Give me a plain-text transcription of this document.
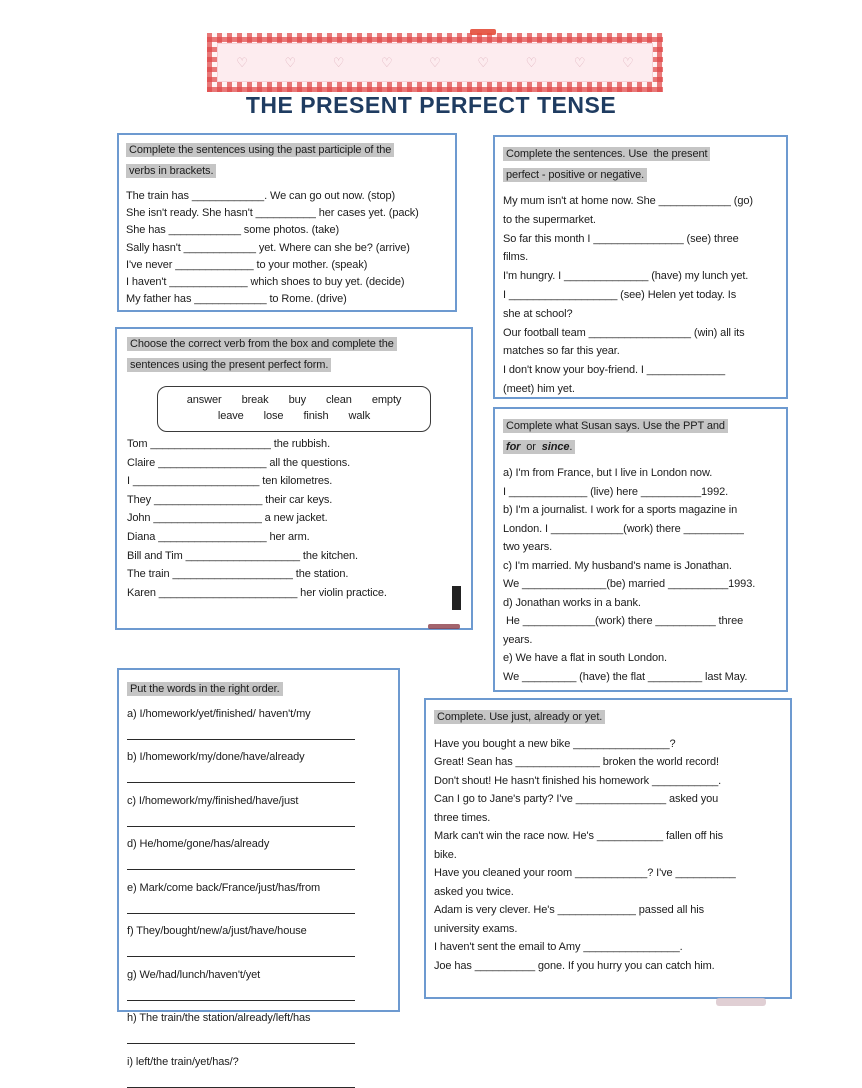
♡	♡	♡	♡	♡	♡	♡	♡	♡
THE PRESENT PERFECT TENSE
Complete the sentences using the past participle of the
verbs in brackets.
The train has ____________. We can go out now. (stop)
She isn't ready. She hasn't __________ her cases yet. (pack)
She has ____________ some photos. (take)
Sally hasn't ____________ yet. Where can she be? (arrive)
I've never _____________ to your mother. (speak)
I haven't _____________ which shoes to buy yet. (decide)
My father has ____________ to Rome. (drive)
Choose the correct verb from the box and complete the
sentences using the present perfect form.
answer break buy clean empty
leave lose finish walk
Tom ____________________ the rubbish.
Claire __________________ all the questions.
I _____________________ ten kilometres.
They __________________ their car keys.
John __________________ a new jacket.
Diana __________________ her arm.
Bill and Tim ___________________ the kitchen.
The train ____________________ the station.
Karen _______________________ her violin practice.
Put the words in the right order.
a) I/homework/yet/finished/ haven't/my
b) I/homework/my/done/have/already
c) I/homework/my/finished/have/just
d) He/home/gone/has/already
e) Mark/come back/France/just/has/from
f) They/bought/new/a/just/have/house
g) We/had/lunch/haven't/yet
h) The train/the station/already/left/has
i) left/the train/yet/has/?
Complete the sentences. Use  the present
perfect - positive or negative.
My mum isn't at home now. She ____________ (go)
to the supermarket.
So far this month I _______________ (see) three
films.
I'm hungry. I ______________ (have) my lunch yet.
I __________________ (see) Helen yet today. Is
she at school?
Our football team _________________ (win) all its
matches so far this year.
I don't know your boy-friend. I _____________
(meet) him yet.
Complete what Susan says. Use the PPT and
for  or  since.
a) I'm from France, but I live in London now.
I _____________ (live) here __________1992.
b) I'm a journalist. I work for a sports magazine in
London. I ____________(work) there __________
two years.
c) I'm married. My husband's name is Jonathan.
We ______________(be) married __________1993.
d) Jonathan works in a bank.
He ____________(work) there __________ three
years.
e) We have a flat in south London.
We _________ (have) the flat _________ last May.
Complete. Use just, already or yet.
Have you bought a new bike ________________?
Great! Sean has ______________ broken the world record!
Don't shout! He hasn't finished his homework ___________.
Can I go to Jane's party? I've _______________ asked you
three times.
Mark can't win the race now. He's ___________ fallen off his
bike.
Have you cleaned your room ____________? I've __________
asked you twice.
Adam is very clever. He's _____________ passed all his
university exams.
I haven't sent the email to Amy ________________.
Joe has __________ gone. If you hurry you can catch him.
